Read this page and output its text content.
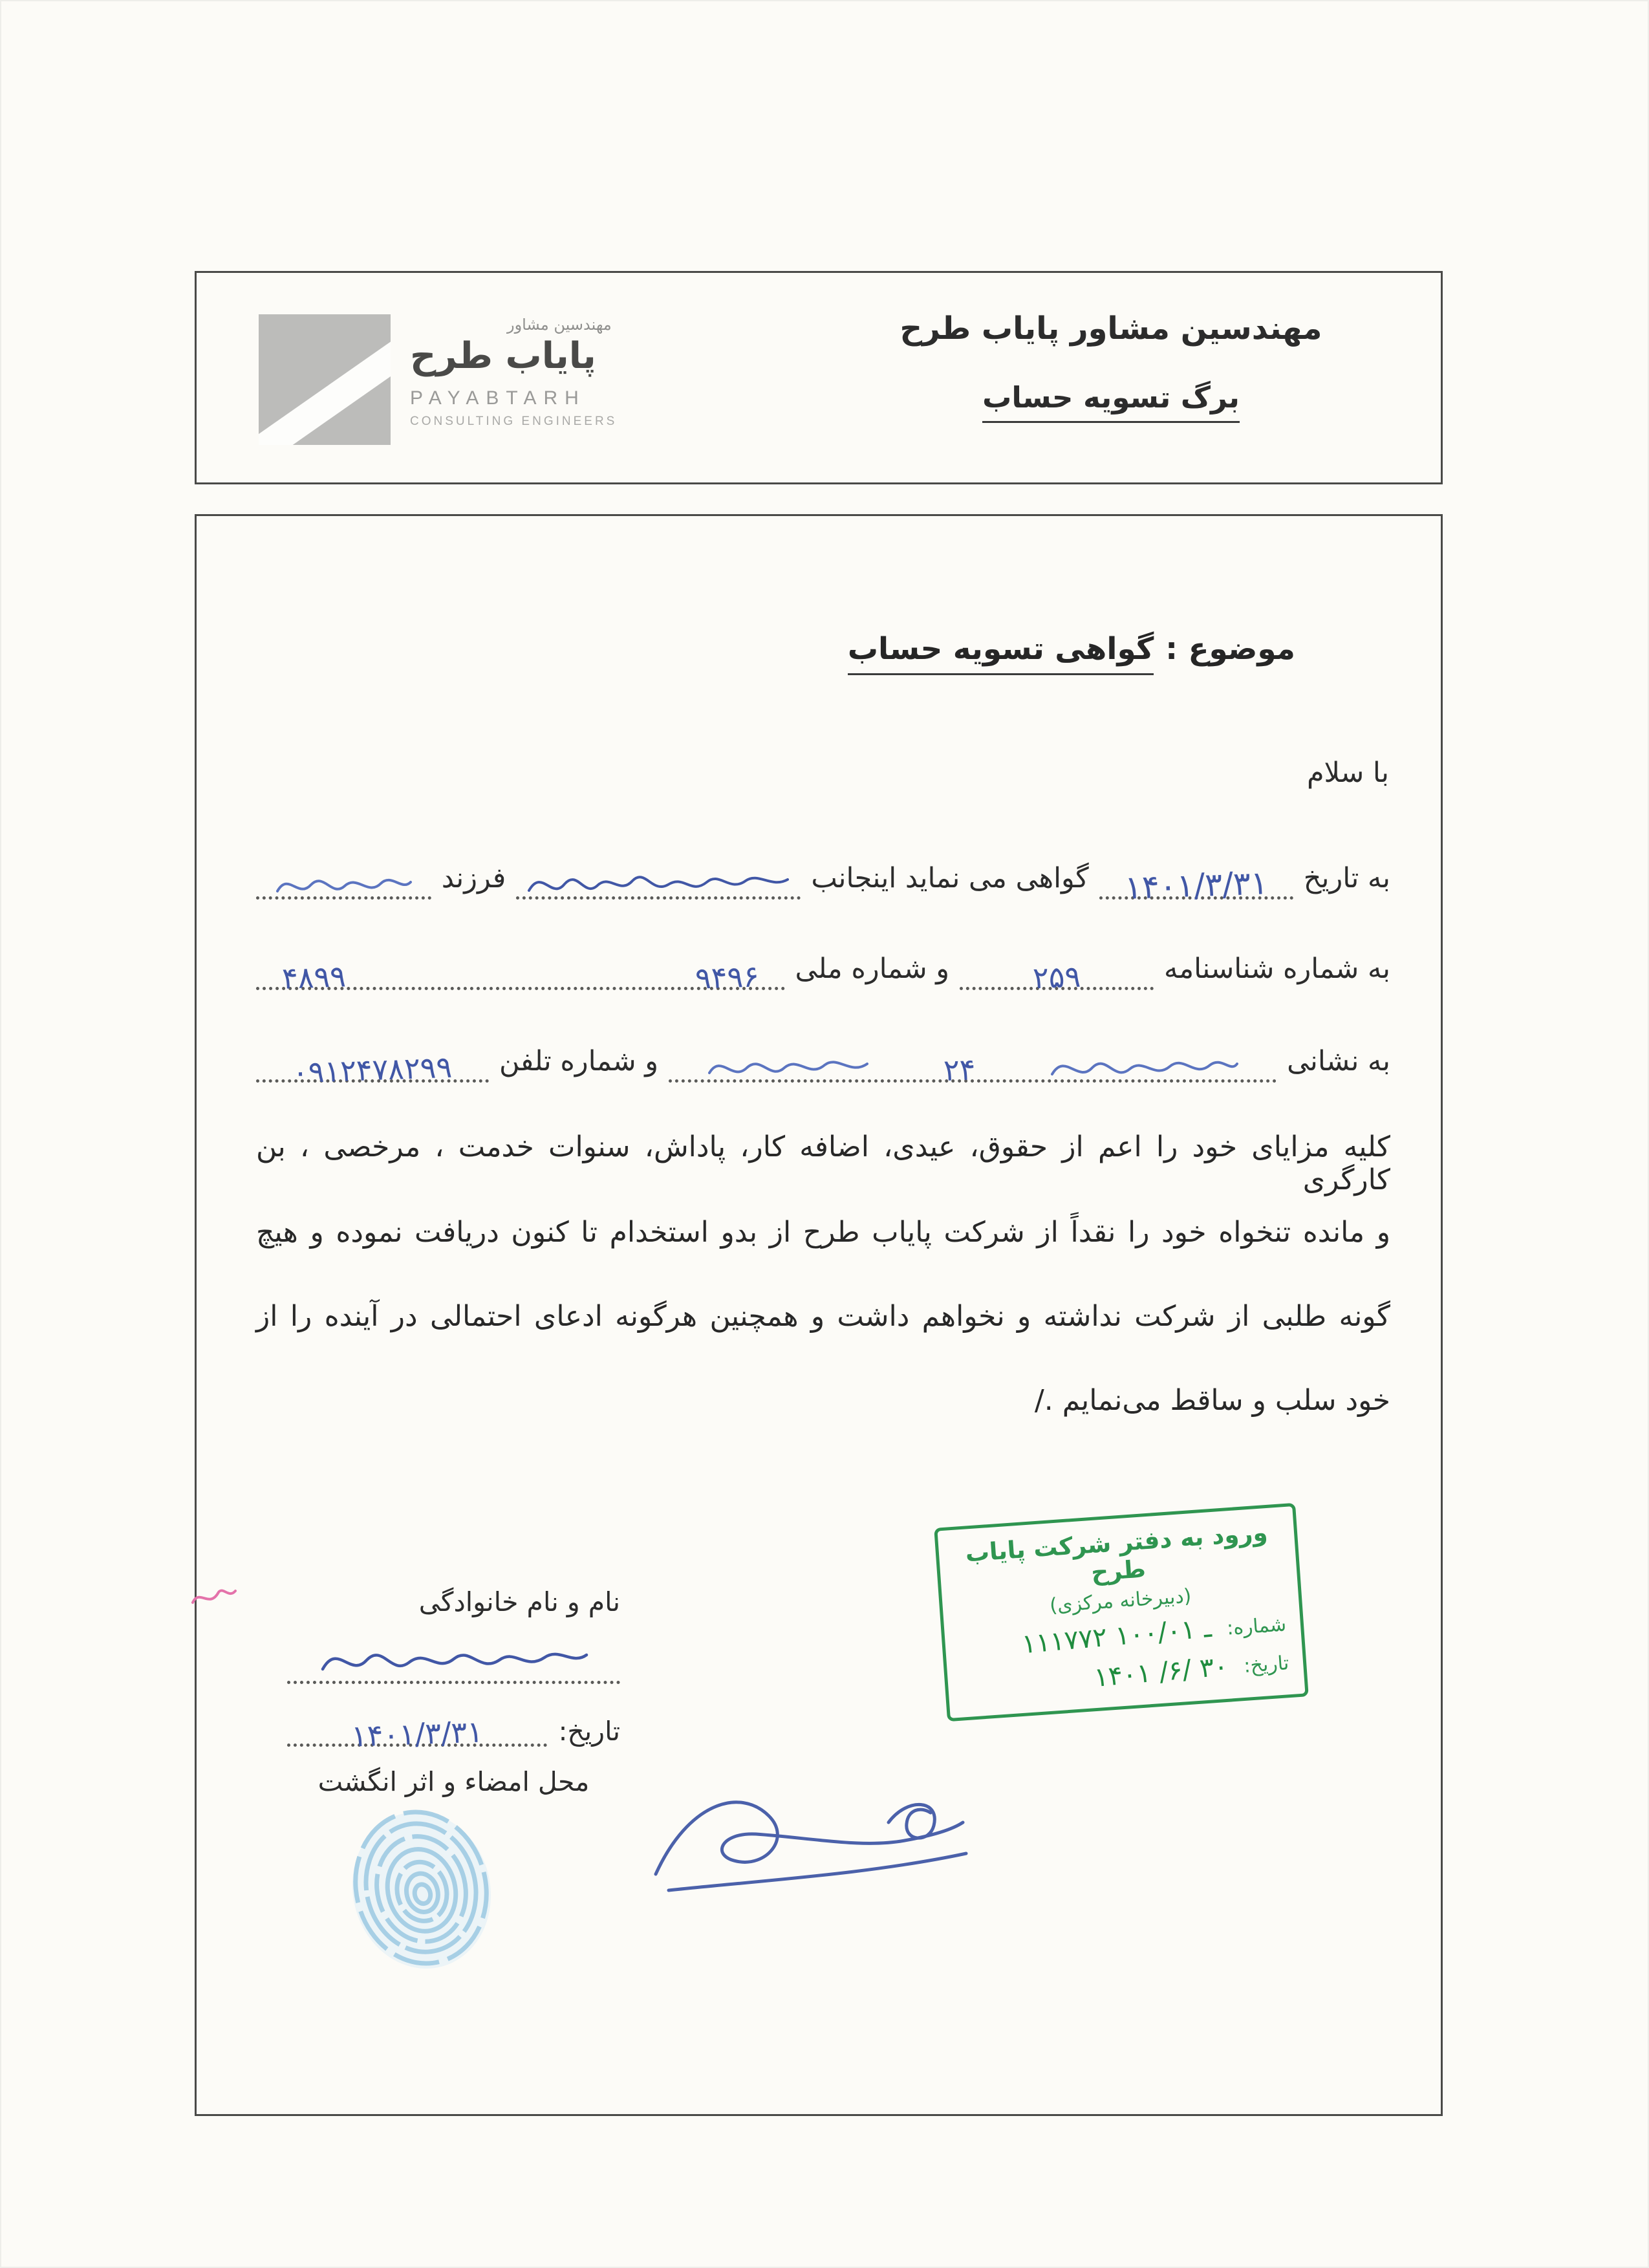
مهندسین مشاور
پایاب طرح
PAYABTARH
CONSULTING ENGINEERS
مهندسین مشاور پایاب طرح
برگ تسویه حساب
موضوع :
گواهی تسویه حساب
با سلام
به تاریخ
۱۴۰۱/۳/۳۱
گواهی می نماید اینجانب
فرزند
به شماره شناسنامه
۲۵۹
و شماره ملی
۹۴۹۶
۴۸۹۹
به نشانی
۲۴
و شماره تلفن
۰۹۱۲۴۷۸۲۹۹
کلیه مزایای خود را اعم از حقوق، عیدی، اضافه کار، پاداش، سنوات خدمت ، مرخصی ، بن کارگری
و مانده تنخواه خود را نقداً از شرکت پایاب طرح از بدو استخدام تا کنون دریافت نموده و هیچ
گونه طلبی از شرکت نداشته و نخواهم داشت و همچنین هرگونه ادعای احتمالی در آینده را از
خود سلب و ساقط می‌نمایم ./
ورود به دفتر شرکت پایاب طرح
(دبیرخانه مرکزی)
شماره:
۱۱۱۷۷۲ ـ ۱۰۰/۰۱
تاریخ:
۱۴۰۱ /۶/ ۳۰
نام و نام خانوادگی
تاریخ:
۱۴۰۱/۳/۳۱
محل امضاء و اثر انگشت
